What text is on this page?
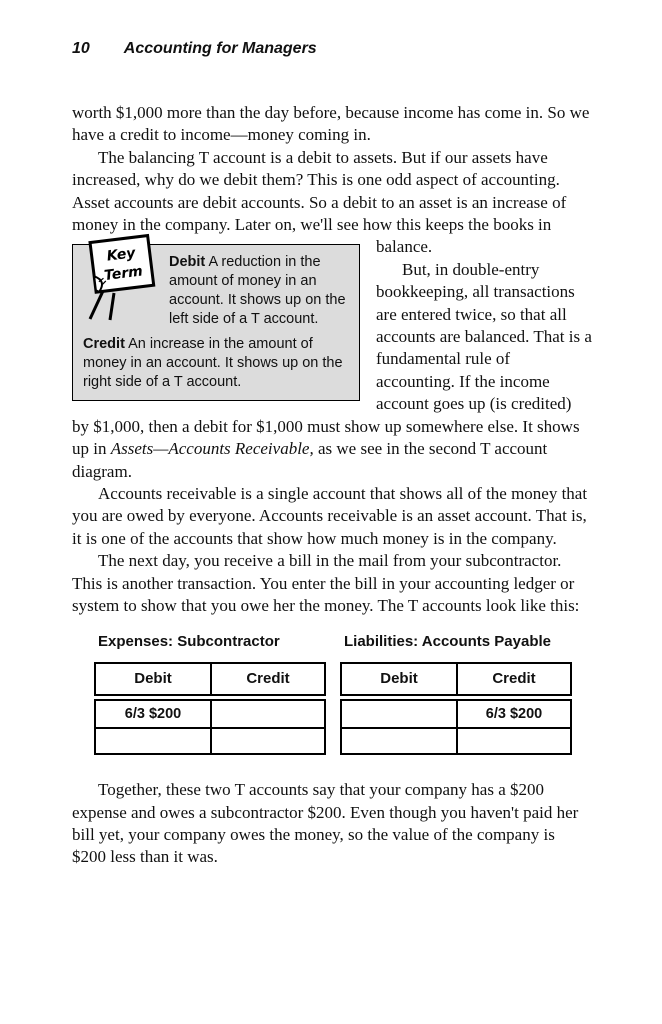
10 Accounting for Managers
worth $1,000 more than the day before, because income has come in. So we have a credit to income—money coming in.
The balancing T account is a debit to assets. But if our assets have increased, why do we debit them? This is one odd aspect of accounting. Asset accounts are debit accounts. So a debit to an asset is an increase of money in the company. Later on, we'll
Key
Term
Debit A reduction in the amount of money in an account. It shows up on the left side of a T account.
Credit An increase in the amount of money in an account. It shows up on the right side of a T account.
see how this keeps the books in balance.
But, in double-entry bookkeeping, all transactions are entered twice, so that all accounts are balanced. That is a fundamental rule of accounting. If the income account goes up (is credited) by $1,000, then a debit for $1,000 must show up somewhere else. It shows up in Assets—Accounts Receivable, as we see in the second T account diagram.
Accounts receivable is a single account that shows all of the money that you are owed by everyone. Accounts receivable is an asset account. That is, it is one of the accounts that show how much money is in the company.
The next day, you receive a bill in the mail from your subcontractor. This is another transaction. You enter the bill in your accounting ledger or system to show that you owe her the money. The T accounts look like this:
Expenses: Subcontractor
Debit	Credit
6/3 $200
Liabilities: Accounts Payable
Debit	Credit
6/3 $200
Together, these two T accounts say that your company has a $200 expense and owes a subcontractor $200. Even though you haven't paid her bill yet, your company owes the money, so the value of the company is $200 less than it was.
